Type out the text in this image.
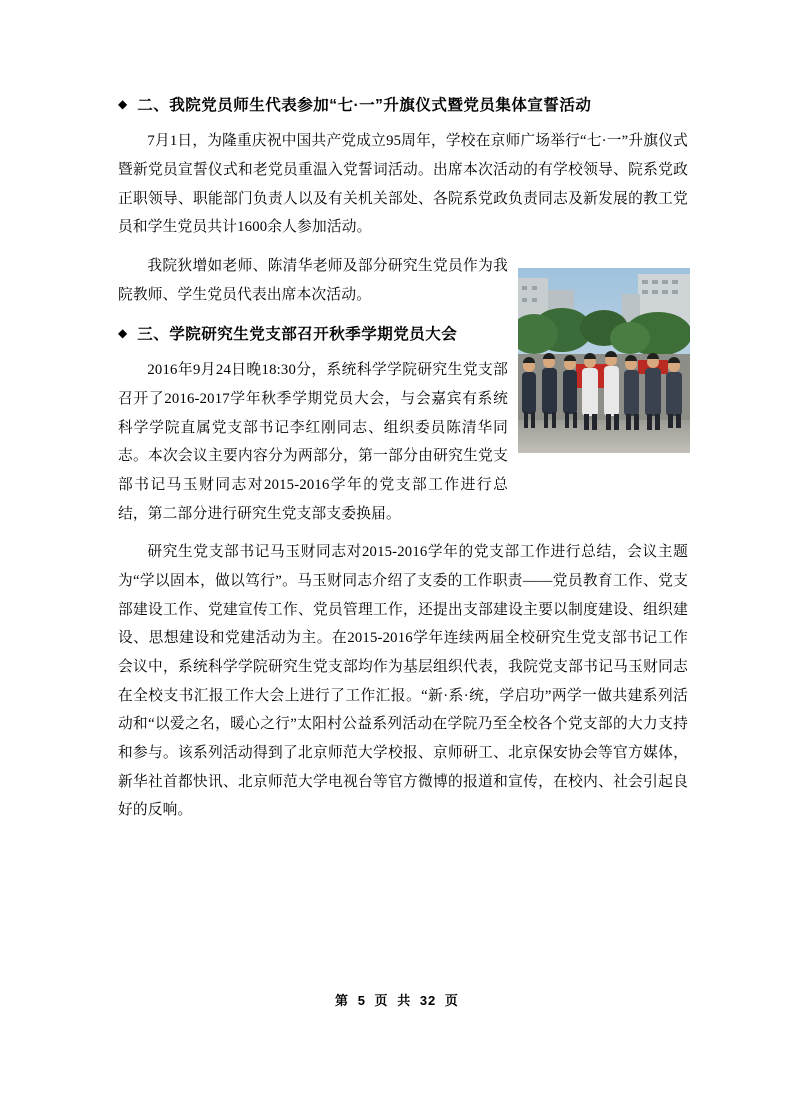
◆ 二、我院党员师生代表参加“七·一”升旗仪式暨党员集体宣誓活动

7月1日，为隆重庆祝中国共产党成立95周年，学校在京师广场举行“七·一”升旗仪式暨新党员宣誓仪式和老党员重温入党誓词活动。出席本次活动的有学校领导、院系党政正职领导、职能部门负责人以及有关机关部处、各院系党政负责同志及新发展的教工党员和学生党员共计1600余人参加活动。

我院狄增如老师、陈清华老师及部分研究生党员作为我院教师、学生党员代表出席本次活动。

◆ 三、学院研究生党支部召开秋季学期党员大会

2016年9月24日晚18:30分，系统科学学院研究生党支部召开了2016-2017学年秋季学期党员大会，与会嘉宾有系统科学学院直属党支部书记李红刚同志、组织委员陈清华同志。本次会议主要内容分为两部分，第一部分由研究生党支部书记马玉财同志对2015-2016学年的党支部工作进行总结，第二部分进行研究生党支部支委换届。

研究生党支部书记马玉财同志对2015-2016学年的党支部工作进行总结，会议主题为“学以固本，做以笃行”。马玉财同志介绍了支委的工作职责——党员教育工作、党支部建设工作、党建宣传工作、党员管理工作，还提出支部建设主要以制度建设、组织建设、思想建设和党建活动为主。在2015-2016学年连续两届全校研究生党支部书记工作会议中，系统科学学院研究生党支部均作为基层组织代表，我院党支部书记马玉财同志在全校支书汇报工作大会上进行了工作汇报。“新·系·统，学启功”两学一做共建系列活动和“以爱之名，暖心之行”太阳村公益系列活动在学院乃至全校各个党支部的大力支持和参与。该系列活动得到了北京师范大学校报、京师研工、北京保安协会等官方媒体，新华社首都快讯、北京师范大学电视台等官方微博的报道和宣传，在校内、社会引起良好的反响。

第 5 页 共 32 页
